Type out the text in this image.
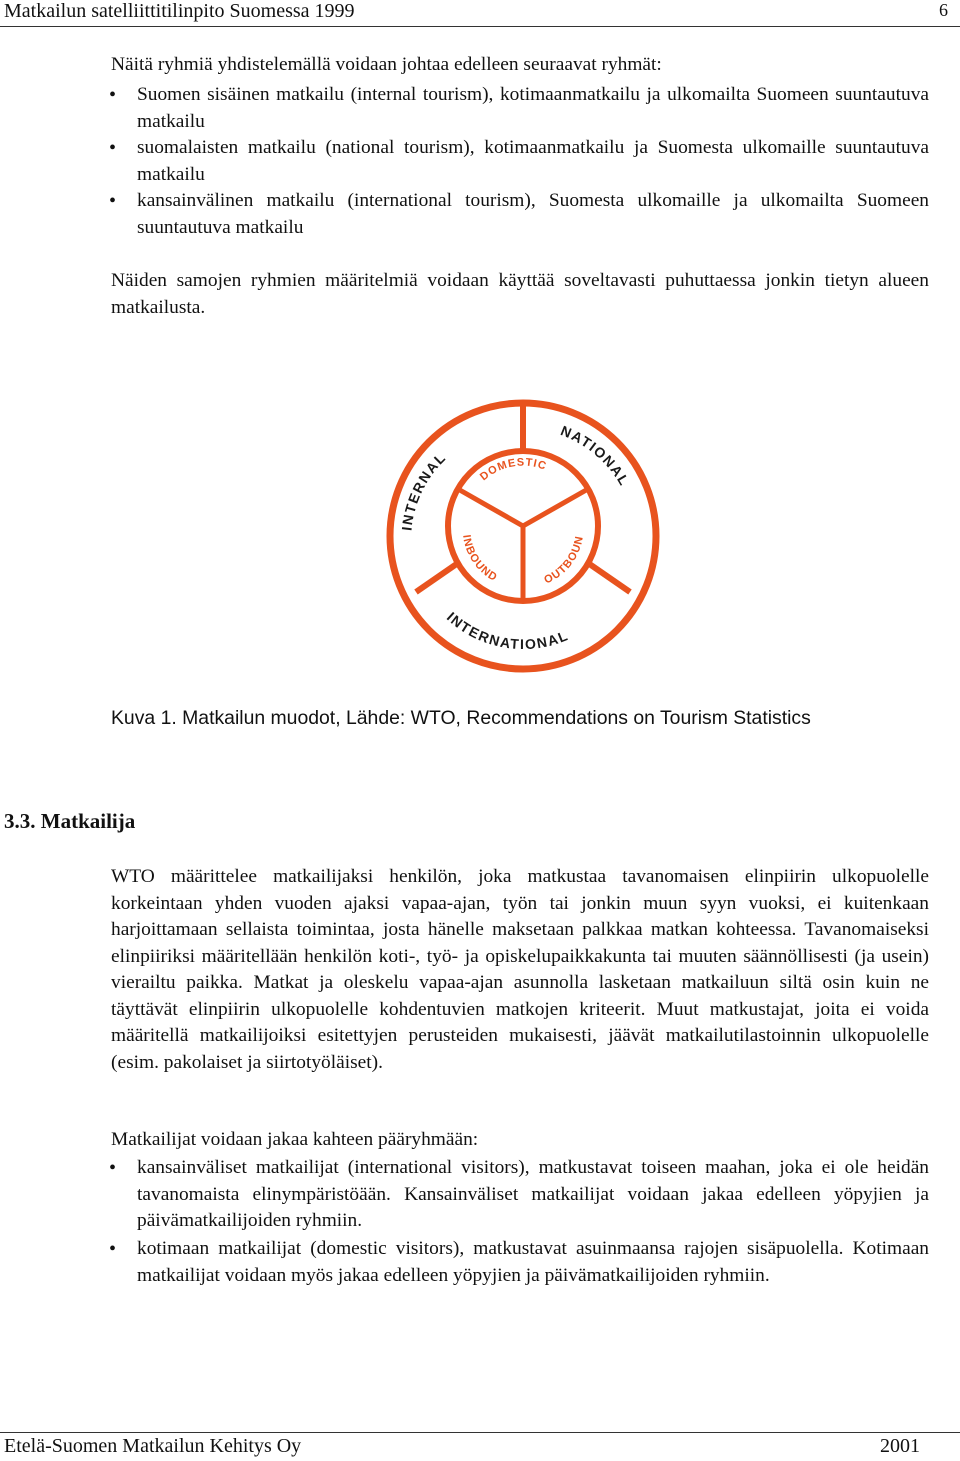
Matkailun satelliittitilinpito Suomessa 1999	6
Näitä ryhmiä yhdistelemällä voidaan johtaa edelleen seuraavat ryhmät:
• Suomen sisäinen matkailu (internal tourism), kotimaanmatkailu ja ulkomailta Suomeen suuntautuva matkailu
• suomalaisten matkailu (national tourism), kotimaanmatkailu ja Suomesta ulkomaille suuntautuva matkailu
• kansainvälinen matkailu (international tourism), Suomesta ulkomaille ja ulkomailta Suomeen suuntautuva matkailu
Näiden samojen ryhmien määritelmiä voidaan käyttää soveltavasti puhuttaessa jonkin tietyn alueen matkailusta.
INTERNAL
NATIONAL
INTERNATIONAL
DOMESTIC
INBOUND	OUTBOUN
Kuva 1. Matkailun muodot, Lähde: WTO, Recommendations on Tourism Statistics
3.3. Matkailija
WTO määrittelee matkailijaksi henkilön, joka matkustaa tavanomaisen elinpiirin ulkopuolelle korkeintaan yhden vuoden ajaksi vapaa-ajan, työn tai jonkin muun syyn vuoksi, ei kuitenkaan harjoittamaan sellaista toimintaa, josta hänelle maksetaan palkkaa matkan kohteessa. Tavanomaiseksi elinpiiriksi määritellään henkilön koti-, työ- ja opiskelupaikkakunta tai muuten säännöllisesti (ja usein) vierailtu paikka. Matkat ja oleskelu vapaa-ajan asunnolla lasketaan matkailuun siltä osin kuin ne täyttävät elinpiirin ulkopuolelle kohdentuvien matkojen kriteerit. Muut matkustajat, joita ei voida määritellä matkailijoiksi esitettyjen perusteiden mukaisesti, jäävät matkailutilastoinnin ulkopuolelle (esim. pakolaiset ja siirtotyöläiset).
Matkailijat voidaan jakaa kahteen pääryhmään:
• kansainväliset matkailijat (international visitors), matkustavat toiseen maahan, joka ei ole heidän tavanomaista elinympäristöään. Kansainväliset matkailijat voidaan jakaa edelleen yöpyjien ja päivämatkailijoiden ryhmiin.
• kotimaan matkailijat (domestic visitors), matkustavat asuinmaansa rajojen sisäpuolella. Kotimaan matkailijat voidaan myös jakaa edelleen yöpyjien ja päivämatkailijoiden ryhmiin.
Etelä-Suomen Matkailun Kehitys Oy	2001
